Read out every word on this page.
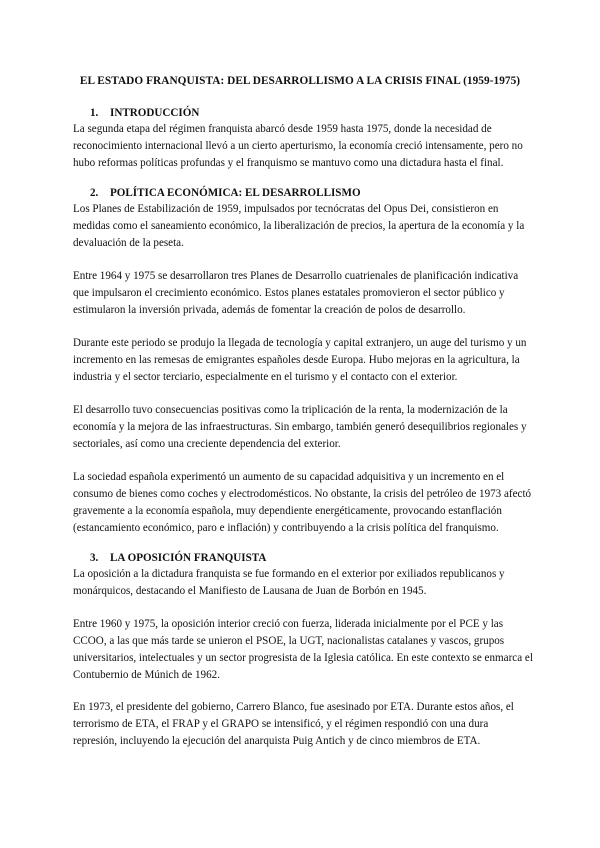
EL ESTADO FRANQUISTA: DEL DESARROLLISMO A LA CRISIS FINAL (1959-1975)
1. INTRODUCCIÓN

La segunda etapa del régimen franquista abarcó desde 1959 hasta 1975, donde la necesidad de reconocimiento internacional llevó a un cierto aperturismo, la economía creció intensamente, pero no hubo reformas políticas profundas y el franquismo se mantuvo como una dictadura hasta el final.

2. POLÍTICA ECONÓMICA: EL DESARROLLISMO

Los Planes de Estabilización de 1959, impulsados por tecnócratas del Opus Dei, consistieron en medidas como el saneamiento económico, la liberalización de precios, la apertura de la economía y la devaluación de la peseta.

Entre 1964 y 1975 se desarrollaron tres Planes de Desarrollo cuatrienales de planificación indicativa que impulsaron el crecimiento económico. Estos planes estatales promovieron el sector público y estimularon la inversión privada, además de fomentar la creación de polos de desarrollo.

Durante este periodo se produjo la llegada de tecnología y capital extranjero, un auge del turismo y un incremento en las remesas de emigrantes españoles desde Europa. Hubo mejoras en la agricultura, la industria y el sector terciario, especialmente en el turismo y el contacto con el exterior.

El desarrollo tuvo consecuencias positivas como la triplicación de la renta, la modernización de la economía y la mejora de las infraestructuras. Sin embargo, también generó desequilibrios regionales y sectoriales, así como una creciente dependencia del exterior.

La sociedad española experimentó un aumento de su capacidad adquisitiva y un incremento en el consumo de bienes como coches y electrodomésticos. No obstante, la crisis del petróleo de 1973 afectó gravemente a la economía española, muy dependiente energéticamente, provocando estanflación (estancamiento económico, paro e inflación) y contribuyendo a la crisis política del franquismo.

3. LA OPOSICIÓN FRANQUISTA

La oposición a la dictadura franquista se fue formando en el exterior por exiliados republicanos y monárquicos, destacando el Manifiesto de Lausana de Juan de Borbón en 1945.

Entre 1960 y 1975, la oposición interior creció con fuerza, liderada inicialmente por el PCE y las CCOO, a las que más tarde se unieron el PSOE, la UGT, nacionalistas catalanes y vascos, grupos universitarios, intelectuales y un sector progresista de la Iglesia católica. En este contexto se enmarca el Contubernio de Múnich de 1962.

En 1973, el presidente del gobierno, Carrero Blanco, fue asesinado por ETA. Durante estos años, el terrorismo de ETA, el FRAP y el GRAPO se intensificó, y el régimen respondió con una dura represión, incluyendo la ejecución del anarquista Puig Antich y de cinco miembros de ETA.
